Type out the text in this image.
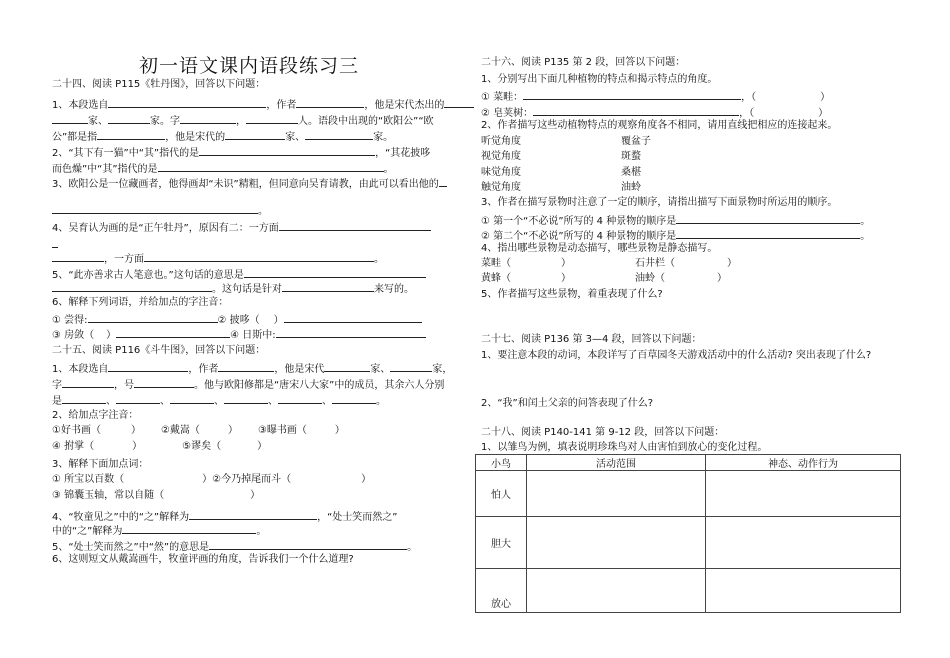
初一语文课内语段练习三
二十四、阅读 P115《牡丹图》，回答以下问题：
1、本段选自	，作者	，他是宋代杰出的
家、	家。字	，	人。语段中出现的“欧阳公”“欧
公”都是指	，他是宋代的	家、	家。
2、“其下有一猫”中“其”指代的是	，“其花披哆
而色燥”中“其”指代的是	。
3、欧阳公是一位藏画者，他得画却“未识”精粗，但同意向吴育请教，由此可以看出他的
。
4、吴育认为画的是“正午牡丹”，原因有二：一方面
，一方面	。
5、“此亦善求古人笔意也。”这句话的意思是
。这句话是针对	来写的。
6、解释下列词语，并给加点的字注音：
① 尝得:	② 披哆（ ）
③ 房敛（ ）	④ 日斯中:
二十五、阅读 P116《斗牛图》，回答以下问题：
1、本段选自	，作者	，他是宋代	家、	家，
字	，号	。他与欧阳修都是“唐宋八大家”中的成员，其余六人分别
是	、	、	、	、	、	。
2、给加点字注音：
①好书画（	） ②戴嵩（	） ③曝书画（	）
④ 拊掌（	）	⑤谬矣（	）
3、解释下面加点词：
① 所宝以百数（	）②今乃掉尾而斗（	）
③ 锦囊玉轴，常以自随（	）
4、“牧童见之”中的“之”解释为	，“处士笑而然之”
中的“之”解释为	。
5、“处士笑而然之”中“然”的意思是	。
6、这则短文从戴嵩画牛，牧童评画的角度，告诉我们一个什么道理?
二十六、阅读 P135 第 2 段，回答以下问题：
1、分别写出下面几种植物的特点和揭示特点的角度。
① 菜畦：	，（	）
② 皂荚树：	，（	）
2、作者描写这些动植物特点的观察角度各不相同，请用直线把相应的连接起来。
听觉角度	覆盆子
视觉角度	斑蝥
味觉角度	桑椹
触觉角度	油蛉
3、作者在描写景物时注意了一定的顺序，请指出描写下面景物时所运用的顺序。
① 第一个“不必说”所写的 4 种景物的顺序是	。
② 第二个“不必说”所写的 4 种景物的顺序是	。
4、指出哪些景物是动态描写，哪些景物是静态描写。
菜畦（	）	石井栏（	）
黄蜂（	）	油蛉（	）
5、作者描写这些景物，着重表现了什么?
二十七、阅读 P136 第 3—4 段，回答以下问题：
1、要注意本段的动词，本段详写了百草园冬天游戏活动中的什么活动? 突出表现了什么?
2、“我”和闰土父亲的问答表现了什么?
二十八、阅读 P140-141 第 9-12 段，回答以下问题：
1、以雏鸟为例，填表说明珍珠鸟对人由害怕到放心的变化过程。
小鸟	活动范围	神态、动作行为
怕人		
胆大		
放心		
